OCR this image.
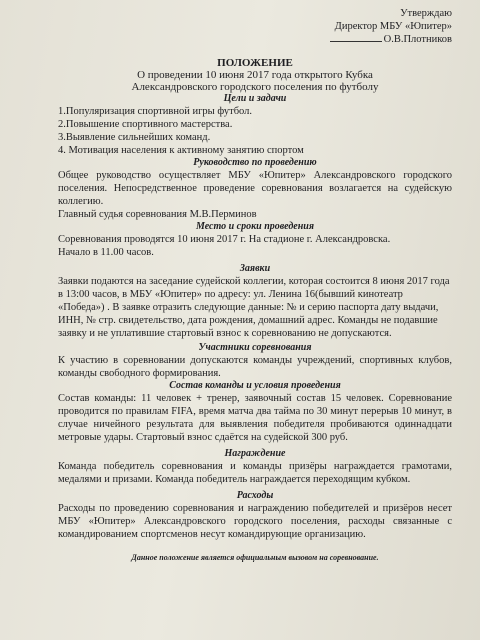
Утверждаю
Директор МБУ «Юпитер»
О.В.Плотников
ПОЛОЖЕНИЕ
О проведении 10 июня 2017 года открытого Кубка
Александровского городского поселения по футболу
Цели и задачи
1.Популяризация спортивной игры футбол.
2.Повышение спортивного мастерства.
3.Выявление сильнейших команд.
4. Мотивация населения к активному занятию спортом
Руководство по проведению
Общее руководство осуществляет МБУ «Юпитер» Александровского городского поселения. Непосредственное проведение соревнования возлагается на судейскую коллегию.
Главный судья соревнования М.В.Перминов
Место и сроки проведения
Соревнования проводятся 10 июня 2017 г. На стадионе г. Александровска.
Начало в 11.00 часов.
Заявки
Заявки подаются на заседание судейской коллегии, которая состоится 8 июня 2017 года в 13:00 часов, в МБУ «Юпитер» по адресу: ул. Ленина 16(бывший кинотеатр «Победа») . В заявке отразить следующие данные: № и серию паспорта дату выдачи, ИНН, № стр. свидетельство, дата рождения, домашний адрес. Команды не подавшие заявку и не уплатившие стартовый взнос к соревнованию не допускаются.
Участники соревнования
К участию в соревновании допускаются команды учреждений, спортивных клубов, команды свободного формирования.
Состав команды и условия проведения
Состав команды: 11 человек + тренер, заявочный состав 15 человек. Соревнование проводится по правилам FIFA, время матча два тайма по 30 минут перерыв 10 минут, в случае ничейного результата для выявления победителя пробиваются одиннадцати метровые удары. Стартовый взнос сдаётся на судейской 300 руб.
Награждение
Команда победитель соревнования и команды призёры награждается грамотами, медалями и призами. Команда победитель награждается переходящим кубком.
Расходы
Расходы по проведению соревнования и награждению победителей и призёров несет МБУ «Юпитер» Александровского городского поселения, расходы связанные с командированием спортсменов несут командирующие организацию.
Данное положение является официальным вызовом на соревнование.
